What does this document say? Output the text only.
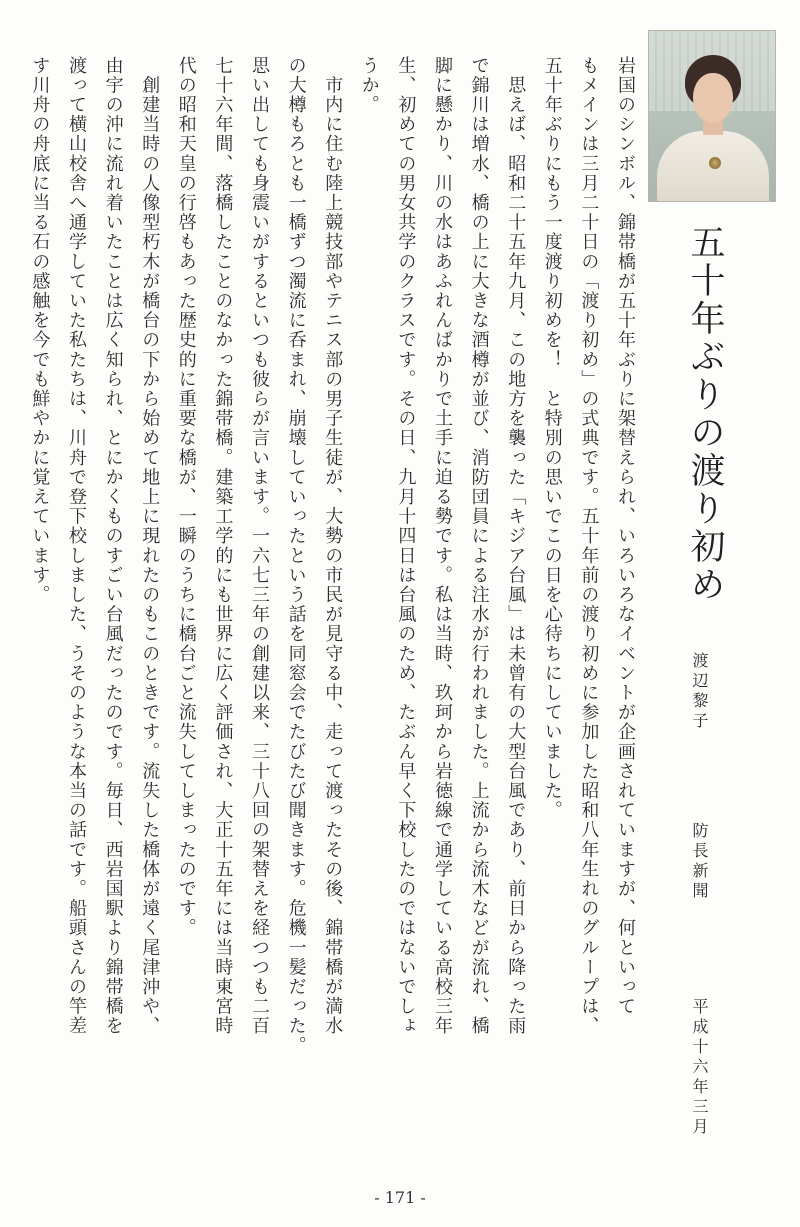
五十年ぶりの渡り初め
渡辺黎子
防長新聞
平成十六年三月
岩国のシンボル、錦帯橋が五十年ぶりに架替えられ、いろいろなイベントが企画されていますが、何といって
もメインは三月二十日の「渡り初め」の式典です。五十年前の渡り初めに参加した昭和八年生れのグループは、
五十年ぶりにもう一度渡り初めを！　と特別の思いでこの日を心待ちにしていました。
　思えば、昭和二十五年九月、この地方を襲った「キジア台風」は未曾有の大型台風であり、前日から降った雨
で錦川は増水、橋の上に大きな酒樽が並び、消防団員による注水が行われました。上流から流木などが流れ、橋
脚に懸かり、川の水はあふれんばかりで土手に迫る勢です。私は当時、玖珂から岩徳線で通学している高校三年
生、初めての男女共学のクラスです。その日、九月十四日は台風のため、たぶん早く下校したのではないでしょ
うか。
　市内に住む陸上競技部やテニス部の男子生徒が、大勢の市民が見守る中、走って渡ったその後、錦帯橋が満水
の大樽もろとも一橋ずつ濁流に呑まれ、崩壊していったという話を同窓会でたびたび聞きます。危機一髪だった。
思い出しても身震いがするといつも彼らが言います。一六七三年の創建以来、三十八回の架替えを経つつも二百
七十六年間、落橋したことのなかった錦帯橋。建築工学的にも世界に広く評価され、大正十五年には当時東宮時
代の昭和天皇の行啓もあった歴史的に重要な橋が、一瞬のうちに橋台ごと流失してしまったのです。
　創建当時の人像型朽木が橋台の下から始めて地上に現れたのもこのときです。流失した橋体が遠く尾津沖や、
由宇の沖に流れ着いたことは広く知られ、とにかくものすごい台風だったのです。毎日、西岩国駅より錦帯橋を
渡って横山校舎へ通学していた私たちは、川舟で登下校しました、うそのような本当の話です。船頭さんの竿差
す川舟の舟底に当る石の感触を今でも鮮やかに覚えています。
- 171 -
